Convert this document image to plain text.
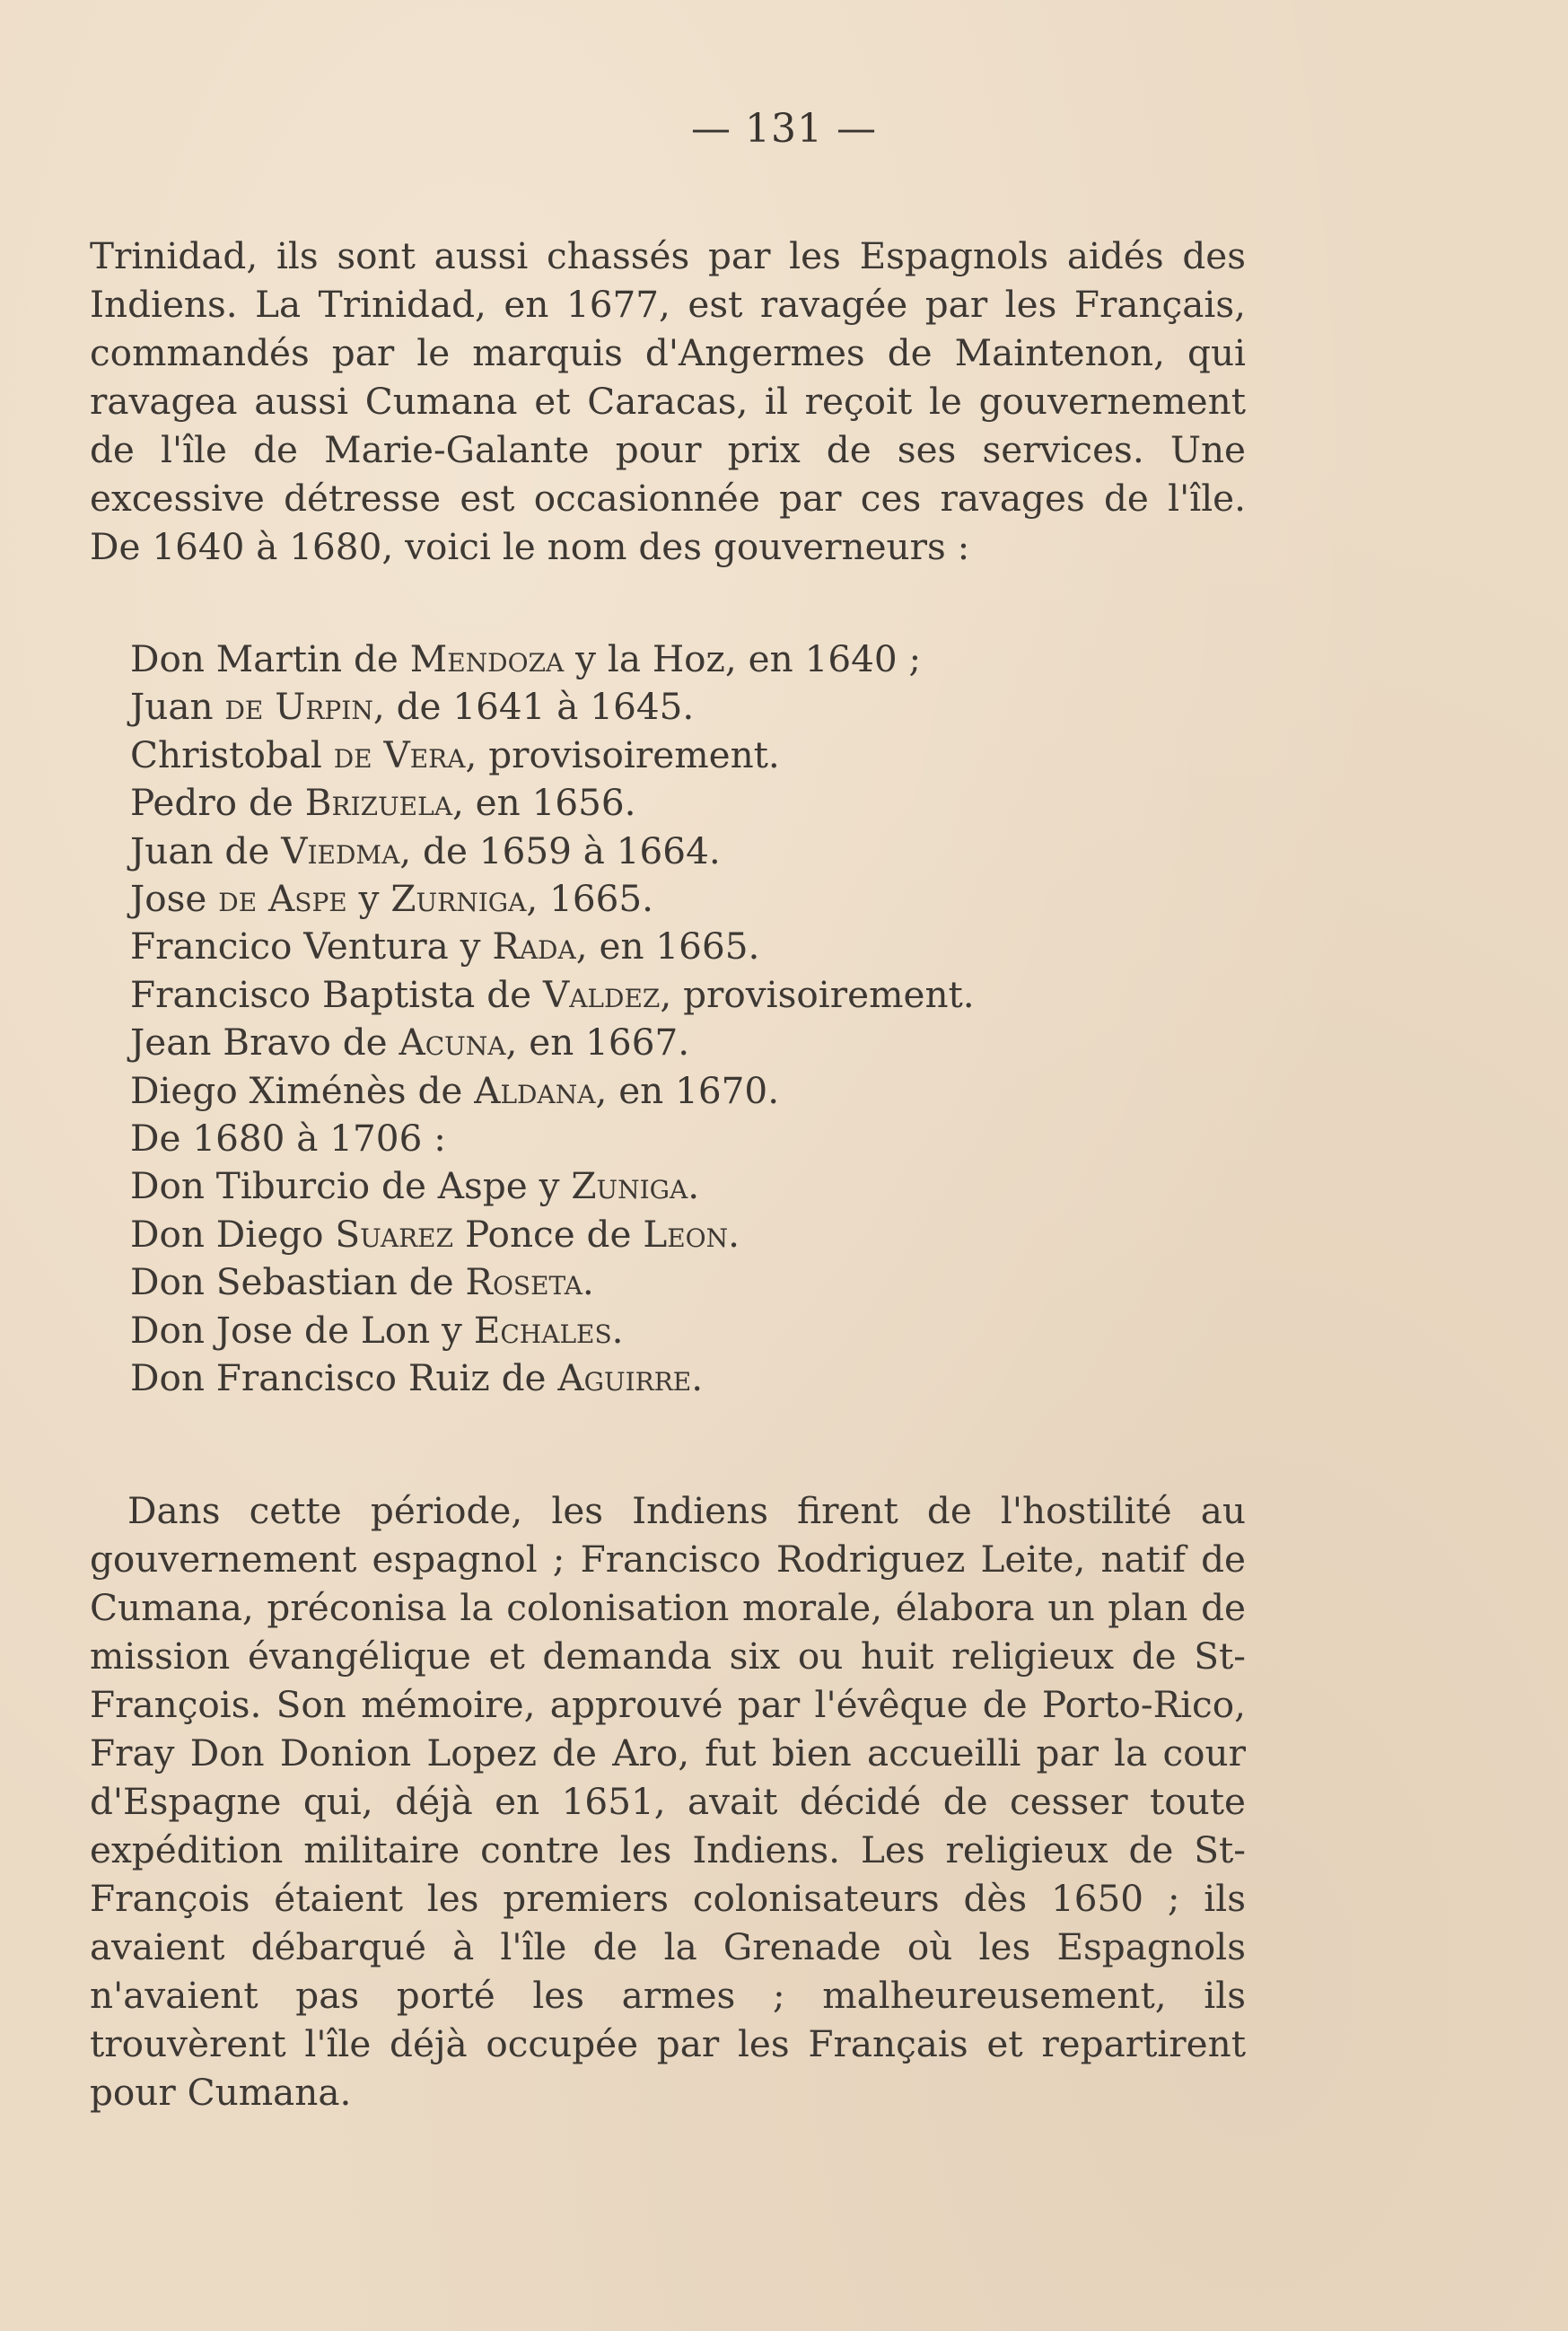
— 131 —

Trinidad, ils sont aussi chassés par les Espagnols aidés des Indiens. La Trinidad, en 1677, est ravagée par les Français, commandés par le marquis d'Angermes de Maintenon, qui ravagea aussi Cumana et Caracas, il reçoit le gouvernement de l'île de Marie-Galante pour prix de ses services. Une excessive détresse est occasionnée par ces ravages de l'île. De 1640 à 1680, voici le nom des gouverneurs :

Don Martin de Mendoza y la Hoz, en 1640 ;
Juan de Urpin, de 1641 à 1645.
Christobal de Vera, provisoirement.
Pedro de Brizuela, en 1656.
Juan de Viedma, de 1659 à 1664.
Jose de Aspe y Zurniga, 1665.
Francico Ventura y Rada, en 1665.
Francisco Baptista de Valdez, provisoirement.
Jean Bravo de Acuna, en 1667.
Diego Ximénès de Aldana, en 1670.
De 1680 à 1706 :
Don Tiburcio de Aspe y Zuniga.
Don Diego Suarez Ponce de Leon.
Don Sebastian de Roseta.
Don Jose de Lon y Echales.
Don Francisco Ruiz de Aguirre.

Dans cette période, les Indiens firent de l'hostilité au gouvernement espagnol ; Francisco Rodriguez Leite, natif de Cumana, préconisa la colonisation morale, élabora un plan de mission évangélique et demanda six ou huit religieux de St-François. Son mémoire, approuvé par l'évêque de Porto-Rico, Fray Don Donion Lopez de Aro, fut bien accueilli par la cour d'Espagne qui, déjà en 1651, avait décidé de cesser toute expédition militaire contre les Indiens. Les religieux de St-François étaient les premiers colonisateurs dès 1650 ; ils avaient débarqué à l'île de la Grenade où les Espagnols n'avaient pas porté les armes ; malheureusement, ils trouvèrent l'île déjà occupée par les Français et repartirent pour Cumana.
